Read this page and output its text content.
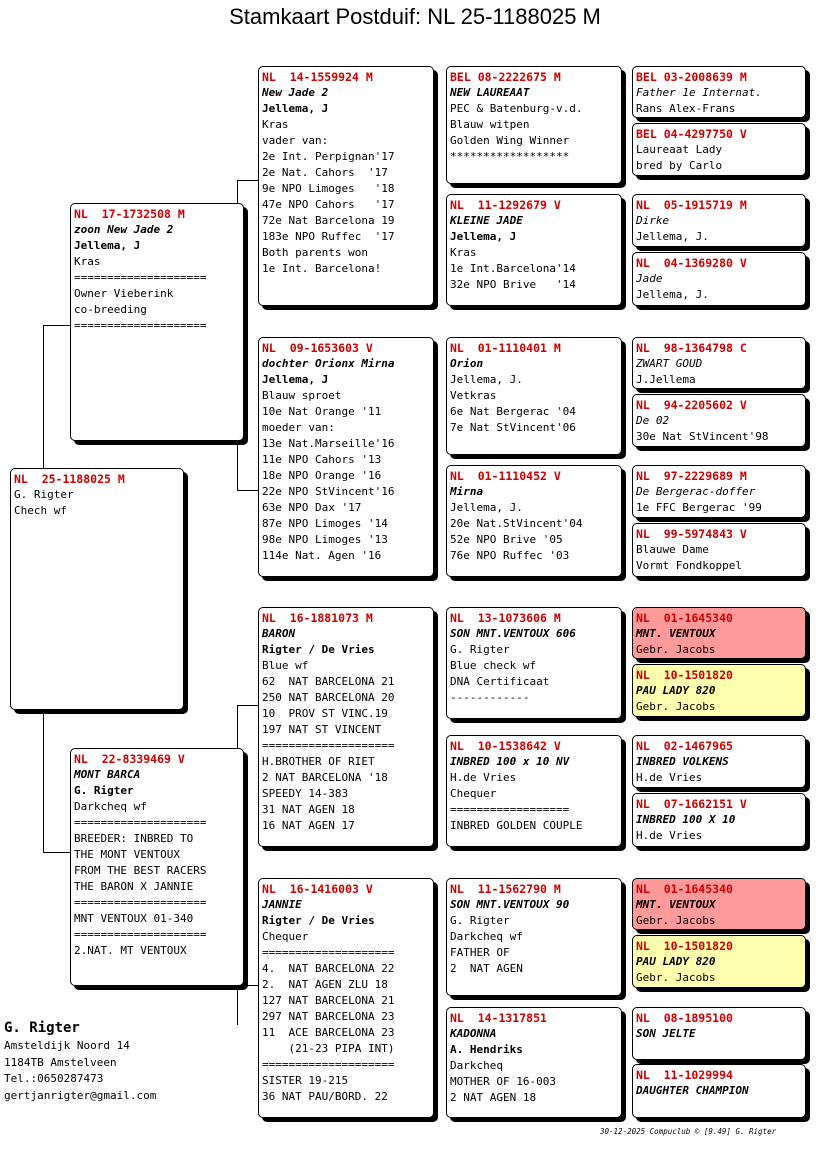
Stamkaart Postduif: NL 25-1188025 M
NL  25-1188025 M
G. Rigter
Chech wf
NL  17-1732508 M
zoon New Jade 2
Jellema, J
Kras
====================
Owner Vieberink
co-breeding
====================
NL  22-8339469 V
MONT BARCA
G. Rigter
Darkcheq wf
====================
BREEDER: INBRED TO
THE MONT VENTOUX
FROM THE BEST RACERS
THE BARON X JANNIE
====================
MNT VENTOUX 01-340
====================
2.NAT. MT VENTOUX
NL  14-1559924 M
New Jade 2
Jellema, J
Kras
vader van:
2e Int. Perpignan'17
2e Nat. Cahors  '17
9e NPO Limoges   '18
47e NPO Cahors   '17
72e Nat Barcelona 19
183e NPO Ruffec  '17
Both parents won
1e Int. Barcelona!
NL  09-1653603 V
dochter Orionx Mirna
Jellema, J
Blauw sproet
10e Nat Orange '11
moeder van:
13e Nat.Marseille'16
11e NPO Cahors '13
18e NPO Orange '16
22e NPO StVincent'16
63e NPO Dax '17
87e NPO Limoges '14
98e NPO Limoges '13
114e Nat. Agen '16
NL  16-1881073 M
BARON
Rigter / De Vries
Blue wf
62  NAT BARCELONA 21
250 NAT BARCELONA 20
10  PROV ST VINC.19
197 NAT ST VINCENT
====================
H.BROTHER OF RIET
2 NAT BARCELONA '18
SPEEDY 14-383
31 NAT AGEN 18
16 NAT AGEN 17
NL  16-1416003 V
JANNIE
Rigter / De Vries
Chequer
====================
4.  NAT BARCELONA 22
2.  NAT AGEN ZLU 18
127 NAT BARCELONA 21
297 NAT BARCELONA 23
11  ACE BARCELONA 23
(21-23 PIPA INT)
====================
SISTER 19-215
36 NAT PAU/BORD. 22
BEL 08-2222675 M
NEW LAUREAAT
PEC & Batenburg-v.d.
Blauw witpen
Golden Wing Winner
******************
NL  11-1292679 V
KLEINE JADE
Jellema, J
Kras
1e Int.Barcelona'14
32e NPO Brive   '14
NL  01-1110401 M
Orion
Jellema, J.
Vetkras
6e Nat Bergerac '04
7e Nat StVincent'06
NL  01-1110452 V
Mirna
Jellema, J.
20e Nat.StVincent'04
52e NPO Brive '05
76e NPO Ruffec '03
NL  13-1073606 M
SON MNT.VENTOUX 606
G. Rigter
Blue check wf
DNA Certificaat
------------
NL  10-1538642 V
INBRED 100 x 10 NV
H.de Vries
Chequer
==================
INBRED GOLDEN COUPLE
NL  11-1562790 M
SON MNT.VENTOUX 90
G. Rigter
Darkcheq wf
FATHER OF
2  NAT AGEN
NL  14-1317851
KADONNA
A. Hendriks
Darkcheq
MOTHER OF 16-003
2 NAT AGEN 18
BEL 03-2008639 M
Father 1e Internat.
Rans Alex-Frans
BEL 04-4297750 V
Laureaat Lady
bred by Carlo
NL  05-1915719 M
Dirke
Jellema, J.
NL  04-1369280 V
Jade
Jellema, J.
NL  98-1364798 C
ZWART GOUD
J.Jellema
NL  94-2205602 V
De 02
30e Nat StVincent'98
NL  97-2229689 M
De Bergerac-doffer
1e FFC Bergerac '99
NL  99-5974843 V
Blauwe Dame
Vormt Fondkoppel
NL  01-1645340
MNT. VENTOUX
Gebr. Jacobs
NL  10-1501820
PAU LADY 820
Gebr. Jacobs
NL  02-1467965
INBRED VOLKENS
H.de Vries
NL  07-1662151 V
INBRED 100 X 10
H.de Vries
NL  01-1645340
MNT. VENTOUX
Gebr. Jacobs
NL  10-1501820
PAU LADY 820
Gebr. Jacobs
NL  08-1895100
SON JELTE
NL  11-1029994
DAUGHTER CHAMPION
G. Rigter
Amsteldijk Noord 14
1184TB Amstelveen
Tel.:0650287473
gertjanrigter@gmail.com
30-12-2025 Compuclub © [9.49] G. Rigter
